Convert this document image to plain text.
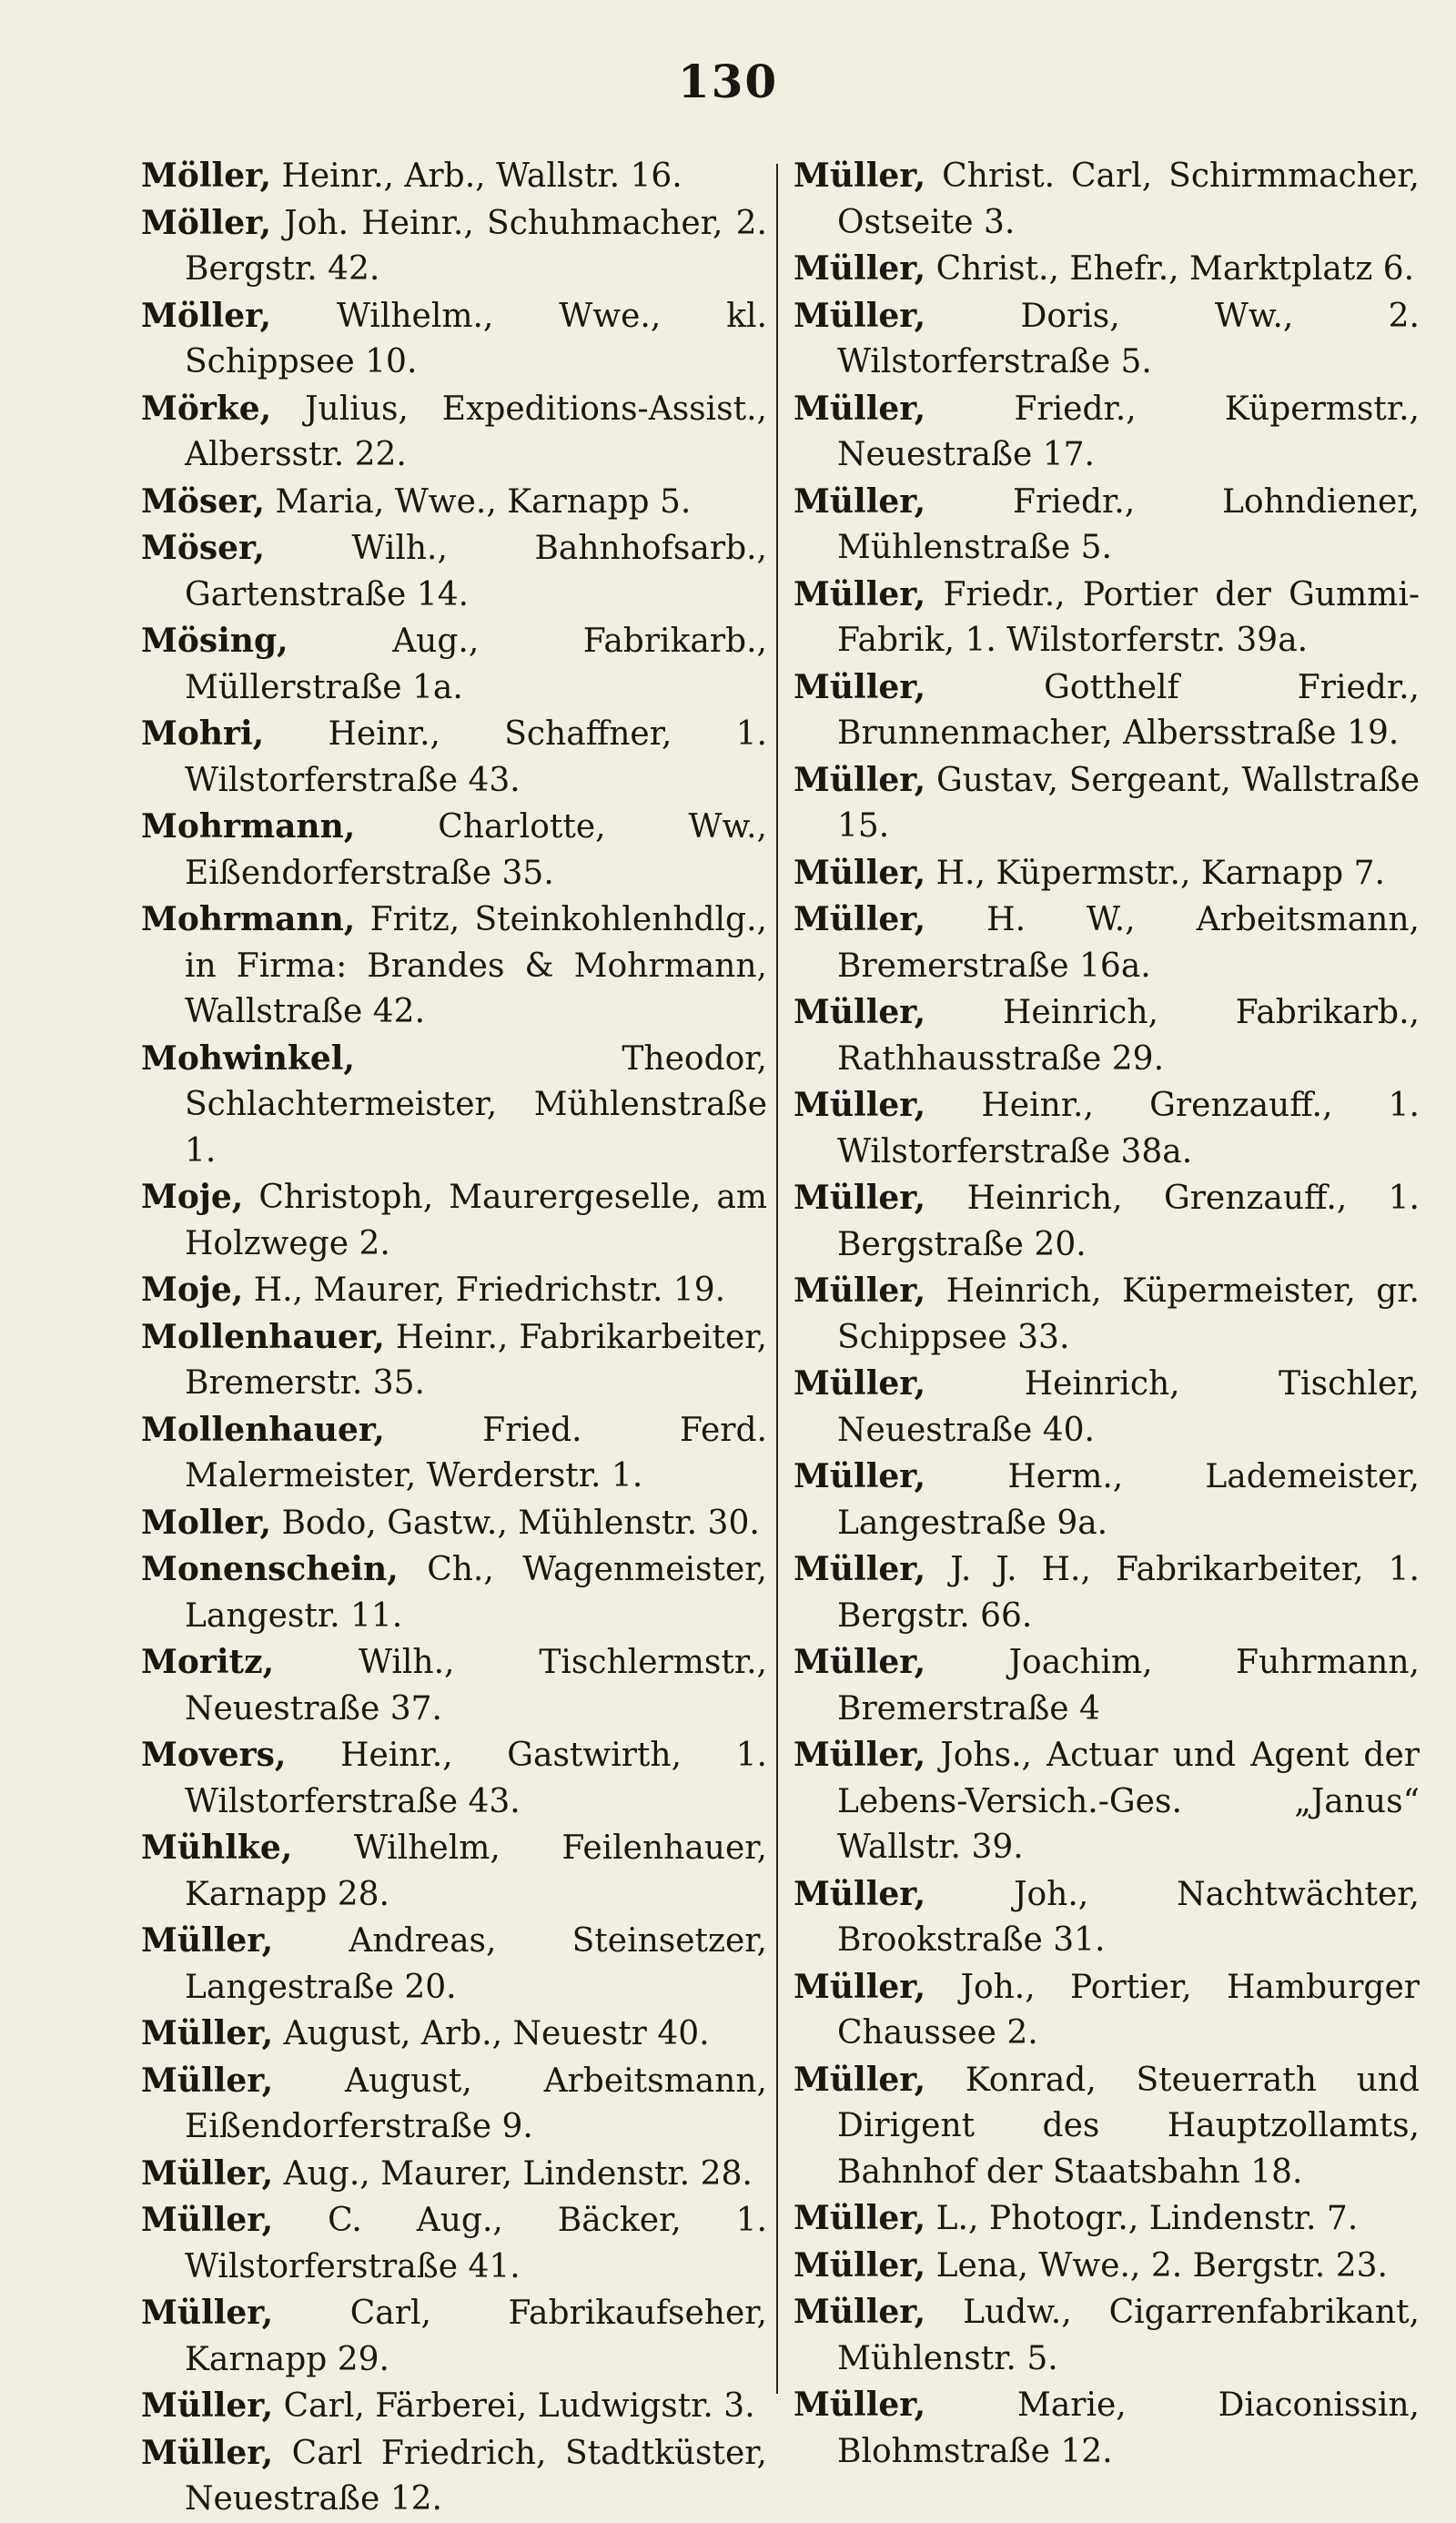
130

Möller, Heinr., Arb., Wallstr. 16.

Möller, Joh. Heinr., Schuhmacher, 2. Bergstr. 42.

Möller, Wilhelm., Wwe., kl. Schippsee 10.

Mörke, Julius, Expeditions-Assist., Albersstr. 22.

Möser, Maria, Wwe., Karnapp 5.

Möser,	Wilh., Bahnhofsarb., Gartenstraße 14.

Mösing,	Aug., Fabrikarb., Müllerstraße 1a.

Mohri, Heinr., Schaffner, 1. Wilstorferstraße 43.

Mohrmann,	Charlotte, Ww., Eißendorferstraße 35.

Mohrmann, Fritz, Steinkohlenhdlg., in Firma: Brandes & Mohrmann, Wallstraße 42.

Mohwinkel,	Theodor, Schlachtermeister, Mühlenstraße 1.

Moje, Christoph, Maurergeselle, am Holzwege 2.

Moje, H., Maurer, Friedrichstr. 19.

Mollenhauer, Heinr., Fabrikarbeiter, Bremerstr. 35.

Mollenhauer,	Fried. Ferd. Malermeister, Werderstr. 1.

Moller, Bodo, Gastw., Mühlenstr. 30.

Monenschein, Ch., Wagenmeister, Langestr. 11.

Moritz,	Wilh., Tischlermstr., Neuestraße 37.

Movers, Heinr., Gastwirth, 1. Wilstorferstraße 43.

Mühlke, Wilhelm, Feilenhauer, Karnapp 28.

Müller, Andreas, Steinsetzer, Langestraße 20.

Müller, August, Arb., Neuestr 40.

Müller, August, Arbeitsmann, Eißendorferstraße 9.

Müller, Aug., Maurer, Lindenstr. 28.

Müller, C. Aug., Bäcker, 1. Wilstorferstraße 41.

Müller, Carl, Fabrikaufseher, Karnapp 29.

Müller, Carl, Färberei, Ludwigstr. 3.

Müller, Carl Friedrich, Stadtküster, Neuestraße 12.

Müller, Christ. Carl, Schirmmacher, Ostseite 3.

Müller, Christ., Ehefr., Marktplatz 6.

Müller,	Doris, Ww., 2. Wilstorferstraße 5.

Müller,	Friedr., Küpermstr., Neuestraße 17.

Müller,	Friedr., Lohndiener, Mühlenstraße 5.

Müller, Friedr., Portier der Gummi-Fabrik, 1. Wilstorferstr. 39a.

Müller,	Gotthelf Friedr., Brunnenmacher, Albersstraße 19.

Müller, Gustav, Sergeant, Wallstraße 15.

Müller, H., Küpermstr., Karnapp 7.

Müller, H. W., Arbeitsmann, Bremerstraße 16a.

Müller, Heinrich, Fabrikarb., Rathhausstraße 29.

Müller, Heinr., Grenzauff., 1. Wilstorferstraße 38a.

Müller, Heinrich, Grenzauff., 1. Bergstraße 20.

Müller, Heinrich, Küpermeister, gr. Schippsee 33.

Müller,	Heinrich, Tischler, Neuestraße 40.

Müller,	Herm., Lademeister, Langestraße 9a.

Müller, J. J. H., Fabrikarbeiter, 1. Bergstr. 66.

Müller,	Joachim, Fuhrmann, Bremerstraße 4

Müller, Johs., Actuar und Agent der Lebens-Versich.-Ges. „Janus“ Wallstr. 39.

Müller,	Joh., Nachtwächter, Brookstraße 31.

Müller, Joh., Portier, Hamburger Chaussee 2.

Müller, Konrad, Steuerrath und Dirigent des Hauptzollamts, Bahnhof der Staatsbahn 18.

Müller, L., Photogr., Lindenstr. 7.

Müller, Lena, Wwe., 2. Bergstr. 23.

Müller, Ludw., Cigarrenfabrikant, Mühlenstr. 5.

Müller,	Marie, Diaconissin, Blohmstraße 12.
